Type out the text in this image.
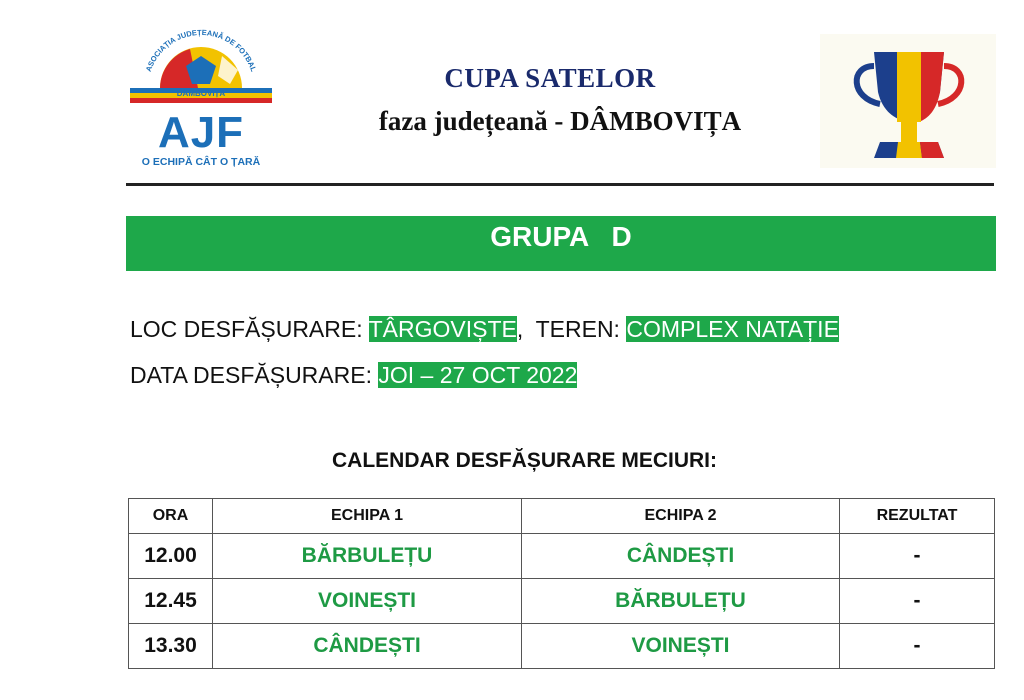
ASOCIAȚIA JUDEȚEANĂ DE FOTBAL
DÂMBOVIȚA
AJF
O ECHIPĂ CÂT O ȚARĂ
CUPA SATELOR
faza județeană - DÂMBOVIȚA
GRUPA   D
LOC DESFĂȘURARE: TÂRGOVIȘTE,  TEREN: COMPLEX NATAȚIE
DATA DESFĂȘURARE: JOI – 27 OCT 2022
CALENDAR DESFĂȘURARE MECIURI:
ORA	ECHIPA 1	ECHIPA 2	REZULTAT
12.00	BĂRBULEȚU	CÂNDEȘTI	-
12.45	VOINEȘTI	BĂRBULEȚU	-
13.30	CÂNDEȘTI	VOINEȘTI	-
